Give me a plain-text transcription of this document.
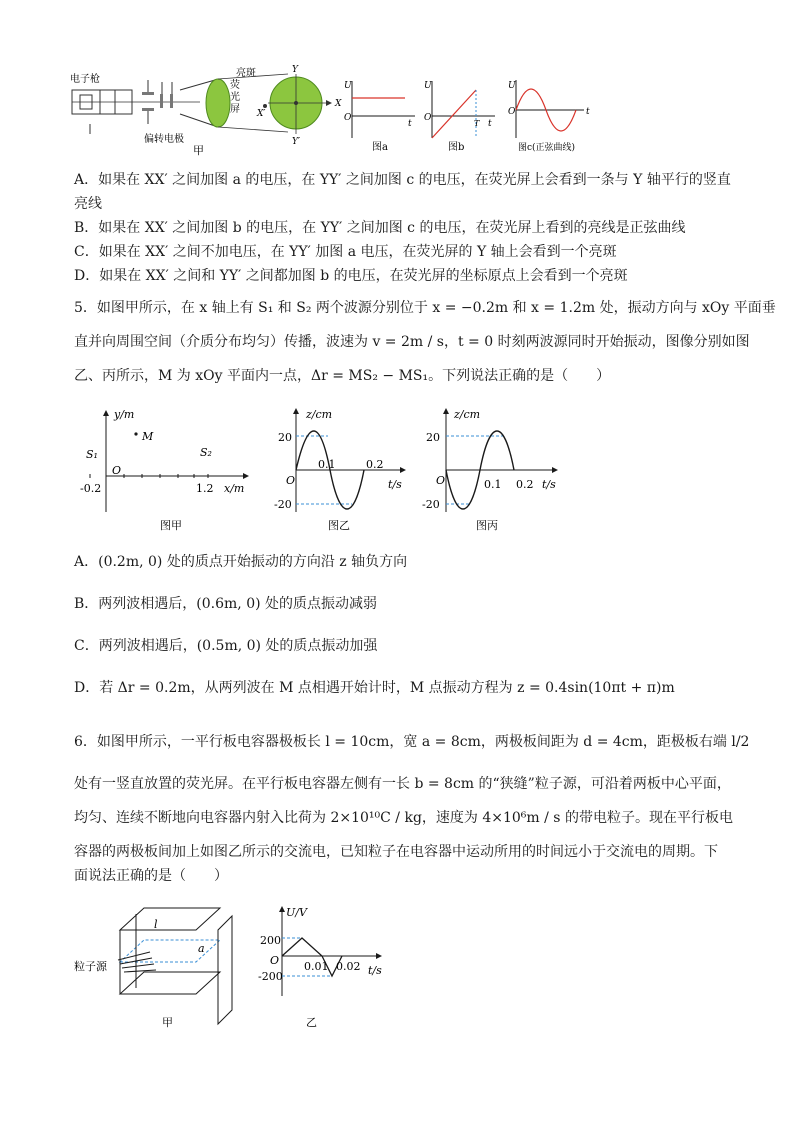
电子枪
偏转电极
荧
光
屏
亮斑	Y
Y′
X
X′
甲
U
O
t
图a
U
O
T t
图b
U
O	t
图c(正弦曲线)
A．如果在 XX′ 之间加图 a 的电压，在 YY′ 之间加图 c 的电压，在荧光屏上会看到一条与 Y 轴平行的竖直
亮线
B．如果在 XX′ 之间加图 b 的电压，在 YY′ 之间加图 c 的电压，在荧光屏上看到的亮线是正弦曲线
C．如果在 XX′ 之间不加电压，在 YY′ 加图 a 电压，在荧光屏的 Y 轴上会看到一个亮斑
D．如果在 XX′ 之间和 YY′ 之间都加图 b 的电压，在荧光屏的坐标原点上会看到一个亮斑
5．如图甲所示，在 x 轴上有 S₁ 和 S₂ 两个波源分别位于 x = −0.2m 和 x = 1.2m 处，振动方向与 xOy 平面垂
直并向周围空间（介质分布均匀）传播，波速为 v = 2m / s，t = 0 时刻两波源同时开始振动，图像分别如图
乙、丙所示，M 为 xOy 平面内一点，Δr = MS₂ − MS₁。下列说法正确的是（　　）
y/m
M
S₁	S₂
O
-0.2	1.2 x/m
图甲
z/cm
20
O
0.1	0.2
-20
t/s
图乙
z/cm
20
O	0.1 0.2
-20
t/s
图丙
A．(0.2m, 0) 处的质点开始振动的方向沿 z 轴负方向
B．两列波相遇后，(0.6m, 0) 处的质点振动减弱
C．两列波相遇后，(0.5m, 0) 处的质点振动加强
D．若 Δr = 0.2m，从两列波在 M 点相遇开始计时，M 点振动方程为 z = 0.4sin(10πt + π)m
6．如图甲所示，一平行板电容器极板长 l = 10cm，宽 a = 8cm，两极板间距为 d = 4cm，距极板右端 l/2
处有一竖直放置的荧光屏。在平行板电容器左侧有一长 b = 8cm 的“狭缝”粒子源，可沿着两板中心平面，
均匀、连续不断地向电容器内射入比荷为 2×10¹⁰C / kg，速度为 4×10⁶m / s 的带电粒子。现在平行板电
容器的两极板间加上如图乙所示的交流电，已知粒子在电容器中运动所用的时间远小于交流电的周期。下
面说法正确的是（　　）
l
a
粒子源
甲
U/V
200
O 0.01 0.02
-200	t/s
乙
